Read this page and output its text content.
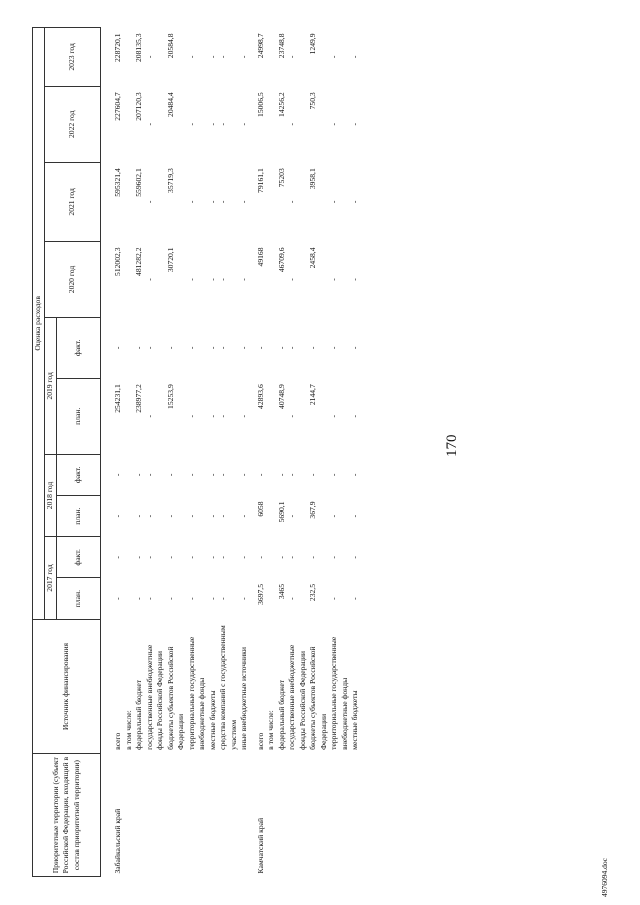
170
Приоритетные территории (субъект Российской Федерации, входящий в состав приоритетной территории)	Источник финансирования	Оценка расходов									
		2017 год		2018 год		2019 год		2020 год	2021 год	2022 год	2023 год
		план.	факт.	план.	факт.	план.	факт.				

Забайкальский край	всего	-	-	-	-	254231,1	-	512002,3	595321,4	227604,7	228720,1
	в том числе:										
	федеральный бюджет	-	-	-	-	238977,2	-	481282,2	559602,1	207120,3	208135,3
	государственные внебюджетные фонды Российской Федерации	-	-	-	-	-	-	-	-	-	-
	бюджеты субъектов Российской Федерации	-	-	-	-	15253,9	-	30720,1	35719,3	20484,4	20584,8
	территориальные государственные внебюджетные фонды	-	-	-	-	-	-	-	-	-	-
	местные бюджеты	-	-	-	-	-	-	-	-	-	-
	средства компаний с государственным участием	-	-	-	-	-	-	-	-	-	-
	иные внебюджетные источники	-	-	-	-	-	-	-	-	-	-
Камчатский край	всего	3697,5	-	6058	-	42893,6	-	49168	79161,1	15006,5	24998,7
	в том числе:										
	федеральный бюджет	3465	-	5690,1	-	40748,9	-	46709,6	75203	14256,2	23748,8
	государственные внебюджетные фонды Российской Федерации	-	-	-	-	-	-	-	-	-	-
	бюджеты субъектов Российской Федерации	232,5	-	367,9	-	2144,7	-	2458,4	3958,1	750,3	1249,9
	территориальные государственные внебюджетные фонды	-	-	-	-	-	-	-	-	-	-
	местные бюджеты	-	-	-	-	-	-	-	-	-	-
4976094.doc
